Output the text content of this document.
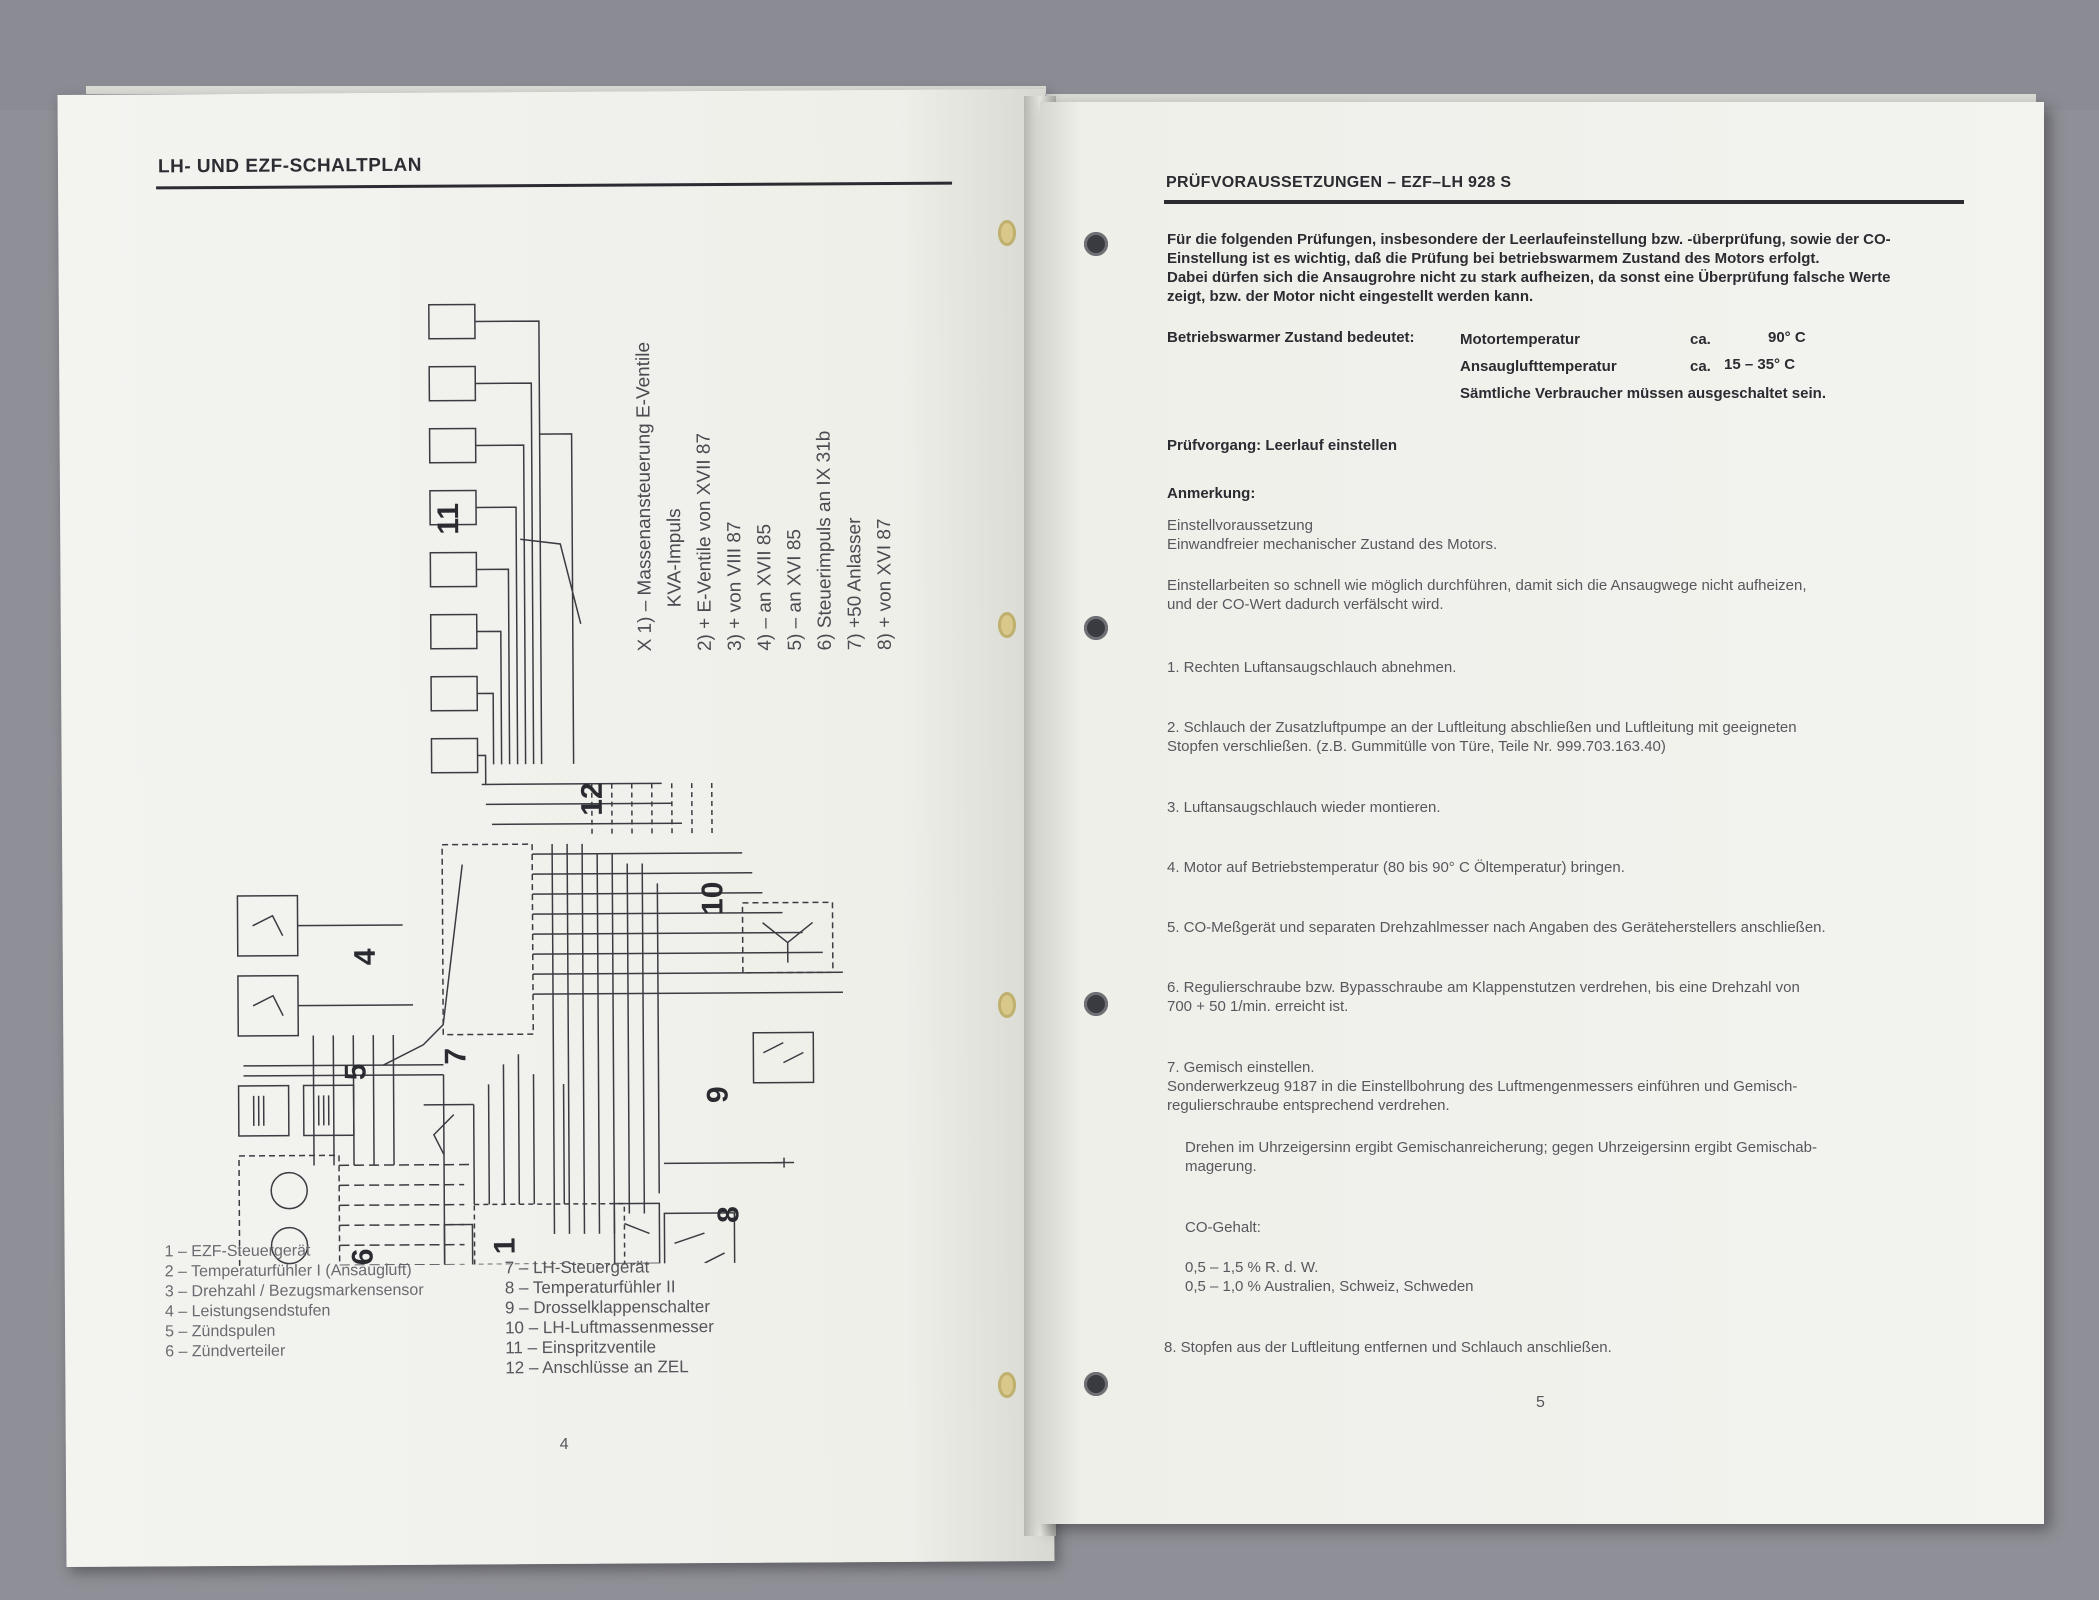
LH- UND EZF-SCHALTPLAN
11
12
10
4
5
7
9
6
1
8
X 1) – Massenansteuerung E-Ventile KVA-Impuls 2) + E-Ventile von XVII 87 3) + von VIII 87 4) – an XVII 85 5) – an XVI 85 6) Steuerimpuls an IX 31b 7) +50 Anlasser 8) + von XVI 87
1 – EZF-Steuergerät
2 – Temperaturfühler I (Ansaugluft)
3 – Drehzahl / Bezugsmarkensensor
4 – Leistungsendstufen
5 – Zündspulen
6 – Zündverteiler
7 – LH-Steuergerät
8 – Temperaturfühler II
9 – Drosselklappenschalter
10 – LH-Luftmassenmesser
11 – Einspritzventile
12 – Anschlüsse an ZEL
4
PRÜFVORAUSSETZUNGEN – EZF–LH 928 S

Für die folgenden Prüfungen, insbesondere der Leerlaufeinstellung bzw. -überprüfung, sowie der CO-
Einstellung ist es wichtig, daß die Prüfung bei betriebswarmem Zustand des Motors erfolgt.
Dabei dürfen sich die Ansaugrohre nicht zu stark aufheizen, da sonst eine Überprüfung falsche Werte
zeigt, bzw. der Motor nicht eingestellt werden kann.

Betriebswarmer Zustand bedeutet:	Motortemperatur	ca.	90° C
Ansauglufttemperatur	ca. 15 – 35° C
Sämtliche Verbraucher müssen ausgeschaltet sein.
Prüfvorgang: Leerlauf einstellen
Anmerkung:

Einstellvoraussetzung
Einwandfreier mechanischer Zustand des Motors.

Einstellarbeiten so schnell wie möglich durchführen, damit sich die Ansaugwege nicht aufheizen,
und der CO-Wert dadurch verfälscht wird.

1. Rechten Luftansaugschlauch abnehmen.

2. Schlauch der Zusatzluftpumpe an der Luftleitung abschließen und Luftleitung mit geeigneten
Stopfen verschließen. (z.B. Gummitülle von Türe, Teile Nr. 999.703.163.40)

3. Luftansaugschlauch wieder montieren.

4. Motor auf Betriebstemperatur (80 bis 90° C Öltemperatur) bringen.

5. CO-Meßgerät und separaten Drehzahlmesser nach Angaben des Geräteherstellers anschließen.

6. Regulierschraube bzw. Bypasschraube am Klappenstutzen verdrehen, bis eine Drehzahl von
700 + 50 1/min. erreicht ist.

7. Gemisch einstellen.
Sonderwerkzeug 9187 in die Einstellbohrung des Luftmengenmessers einführen und Gemisch-
regulierschraube entsprechend verdrehen.

Drehen im Uhrzeigersinn ergibt Gemischanreicherung; gegen Uhrzeigersinn ergibt Gemischab-
magerung.

CO-Gehalt:

0,5 – 1,5 % R. d. W.
0,5 – 1,0 % Australien, Schweiz, Schweden

8. Stopfen aus der Luftleitung entfernen und Schlauch anschließen.

5
